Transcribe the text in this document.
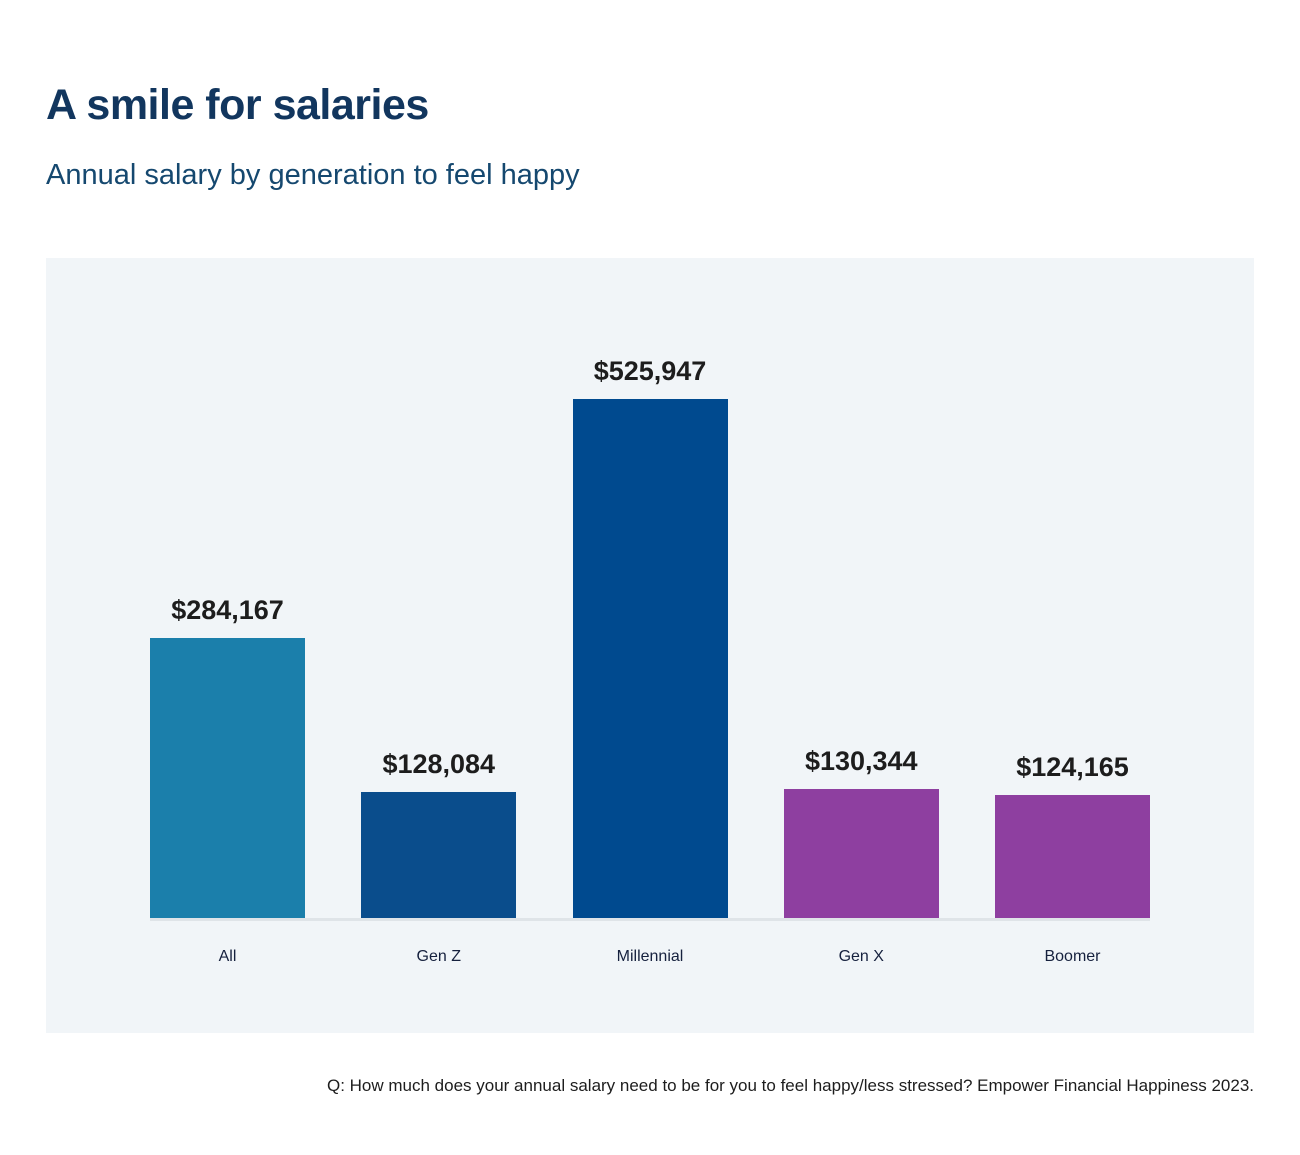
A smile for salaries
Annual salary by generation to feel happy
$284,167
$128,084
$525,947
$130,344	$124,165
All	Gen Z	Millennial	Gen X	Boomer
Q: How much does your annual salary need to be for you to feel happy/less stressed? Empower Financial Happiness 2023.
